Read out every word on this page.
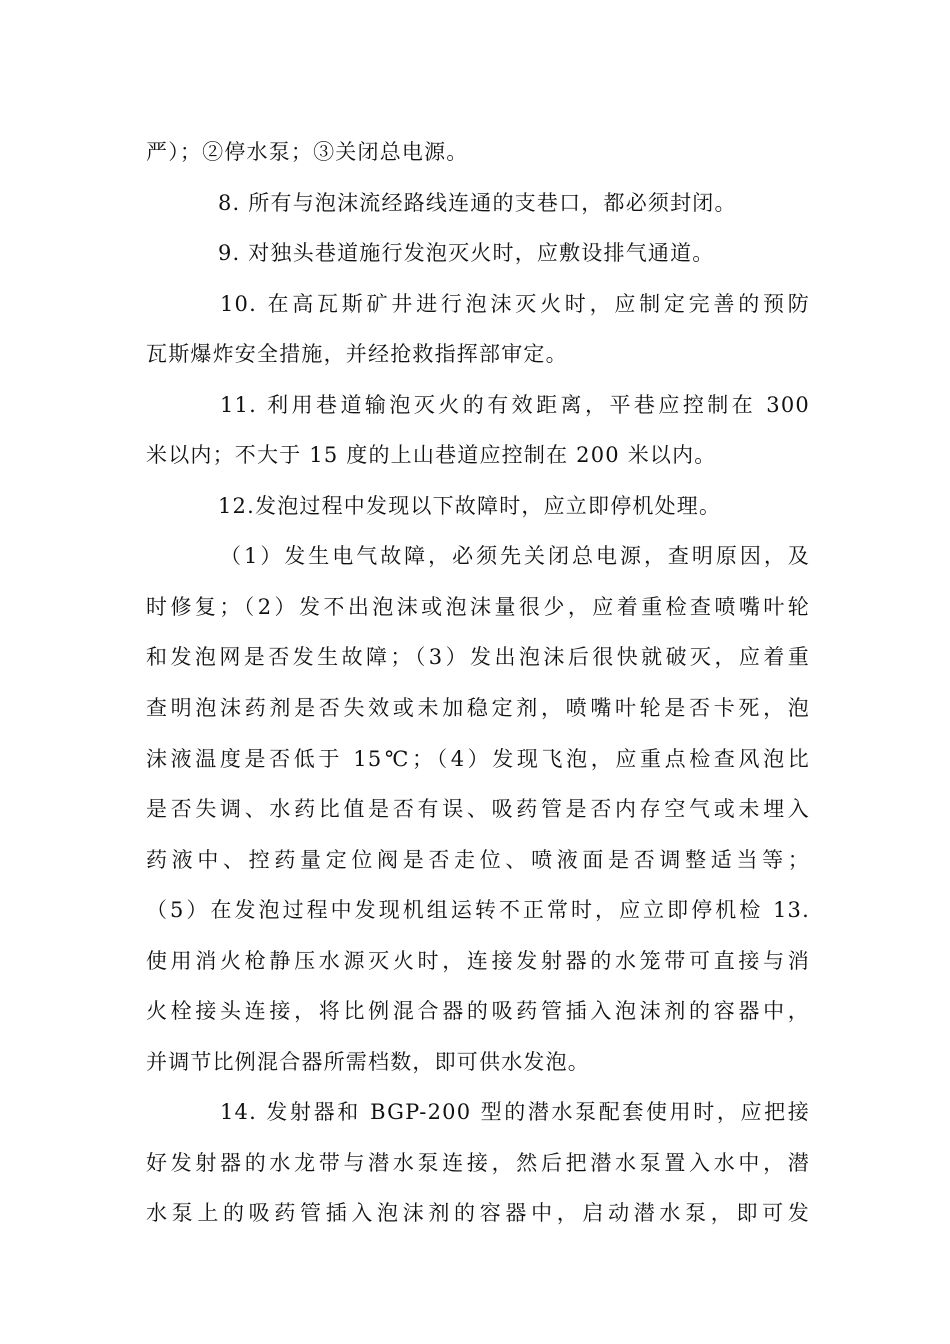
严）；②停水泵；③关闭总电源。
8. 所有与泡沫流经路线连通的支巷口，都必须封闭。
9. 对独头巷道施行发泡灭火时，应敷设排气通道。
10. 在高瓦斯矿井进行泡沫灭火时，应制定完善的预防
瓦斯爆炸安全措施，并经抢救指挥部审定。
11. 利用巷道输泡灭火的有效距离，平巷应控制在 300
米以内；不大于 15 度的上山巷道应控制在 200 米以内。
12.发泡过程中发现以下故障时，应立即停机处理。
（1）发生电气故障，必须先关闭总电源，查明原因，及
时修复；（2）发不出泡沫或泡沫量很少，应着重检查喷嘴叶轮
和发泡网是否发生故障；（3）发出泡沫后很快就破灭，应着重
查明泡沫药剂是否失效或未加稳定剂，喷嘴叶轮是否卡死，泡
沫液温度是否低于 15℃；（4）发现飞泡，应重点检查风泡比
是否失调、水药比值是否有误、吸药管是否内存空气或未埋入
药液中、控药量定位阀是否走位、喷液面是否调整适当等；
（5）在发泡过程中发现机组运转不正常时，应立即停机检 13.
使用消火枪静压水源灭火时，连接发射器的水笼带可直接与消
火栓接头连接，将比例混合器的吸药管插入泡沫剂的容器中，
并调节比例混合器所需档数，即可供水发泡。
14. 发射器和 BGP-200 型的潜水泵配套使用时，应把接
好发射器的水龙带与潜水泵连接，然后把潜水泵置入水中，潜
水泵上的吸药管插入泡沫剂的容器中，启动潜水泵，即可发
